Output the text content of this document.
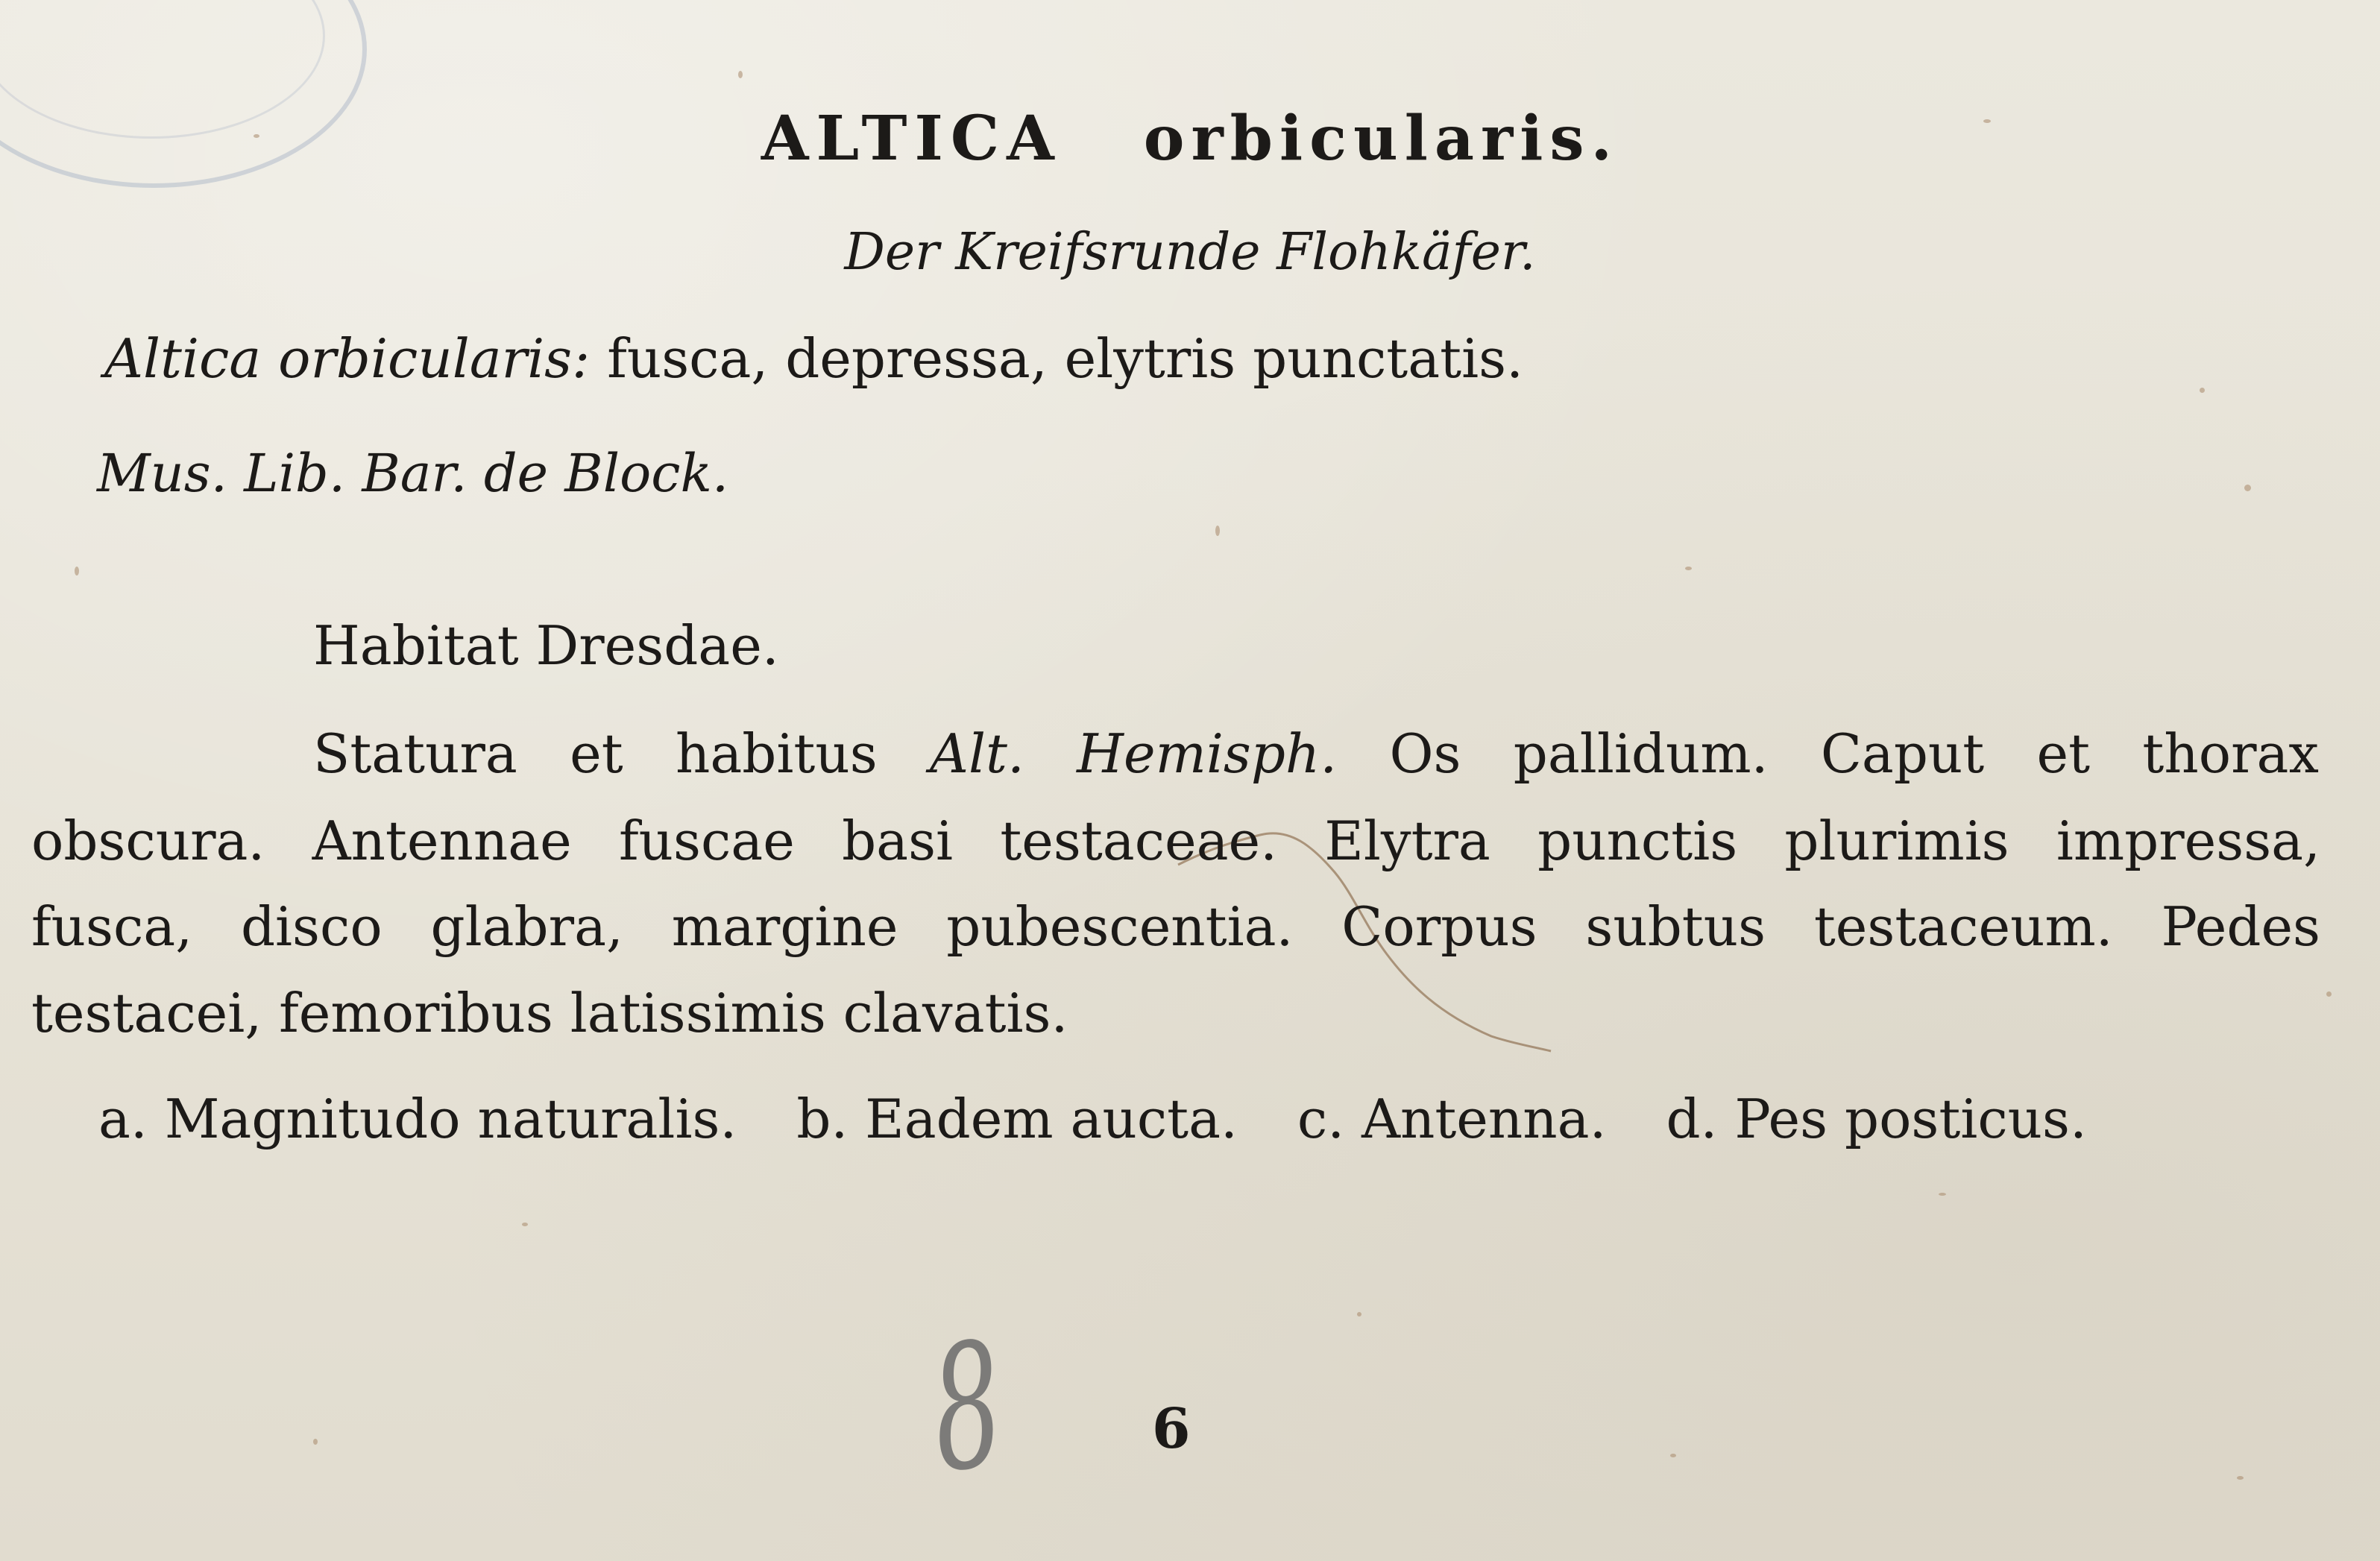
ALTICA orbicularis.
Der Kreifsrunde Flohkäfer.
Altica orbicularis: fusca, depressa, elytris punctatis.
Mus. Lib. Bar. de Block.
Habitat Dresdae.
Statura et habitus Alt. Hemisph. Os pallidum. Caput et thorax
obscura. Antennae fuscae basi testaceae. Elytra punctis plurimis impressa,
fusca, disco glabra, margine pubescentia. Corpus subtus testaceum. Pedes
testacei, femoribus latissimis clavatis.
a. Magnitudo naturalis. b. Eadem aucta. c. Antenna. d. Pes posticus.
8	6
